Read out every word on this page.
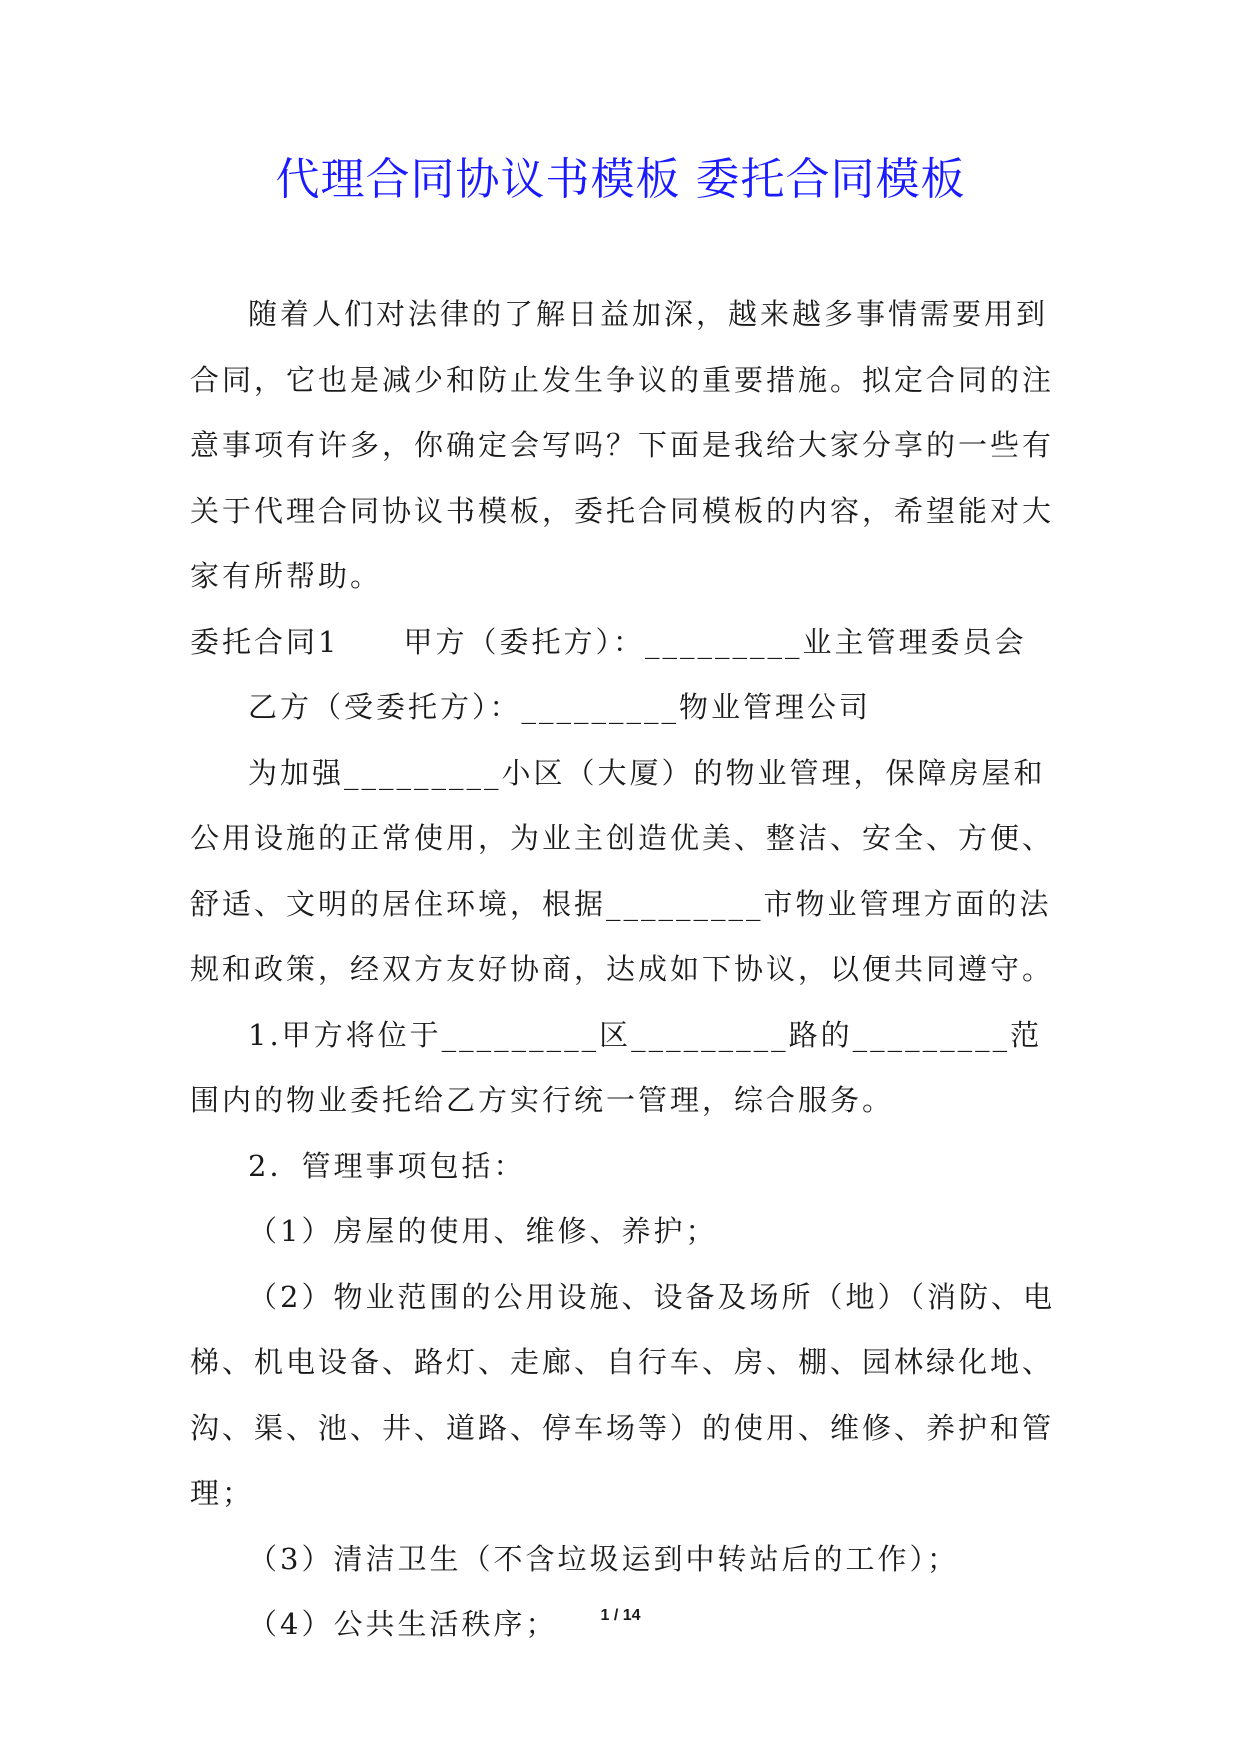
代理合同协议书模板 委托合同模板

随着人们对法律的了解日益加深，越来越多事情需要用到合同，它也是减少和防止发生争议的重要措施。拟定合同的注意事项有许多，你确定会写吗？下面是我给大家分享的一些有关于代理合同协议书模板，委托合同模板的内容，希望能对大家有所帮助。

委托合同1　　甲方（委托方）：_________业主管理委员会

乙方（受委托方）：_________物业管理公司

为加强_________小区（大厦）的物业管理，保障房屋和公用设施的正常使用，为业主创造优美、整洁、安全、方便、舒适、文明的居住环境，根据_________市物业管理方面的法规和政策，经双方友好协商，达成如下协议，以便共同遵守。

1.甲方将位于_________区_________路的_________范围内的物业委托给乙方实行统一管理，综合服务。

2．管理事项包括：

（1）房屋的使用、维修、养护；

（2）物业范围的公用设施、设备及场所（地）（消防、电梯、机电设备、路灯、走廊、自行车、房、棚、园林绿化地、沟、渠、池、井、道路、停车场等）的使用、维修、养护和管理；

（3）清洁卫生（不含垃圾运到中转站后的工作）；

（4）公共生活秩序；	1 / 14
